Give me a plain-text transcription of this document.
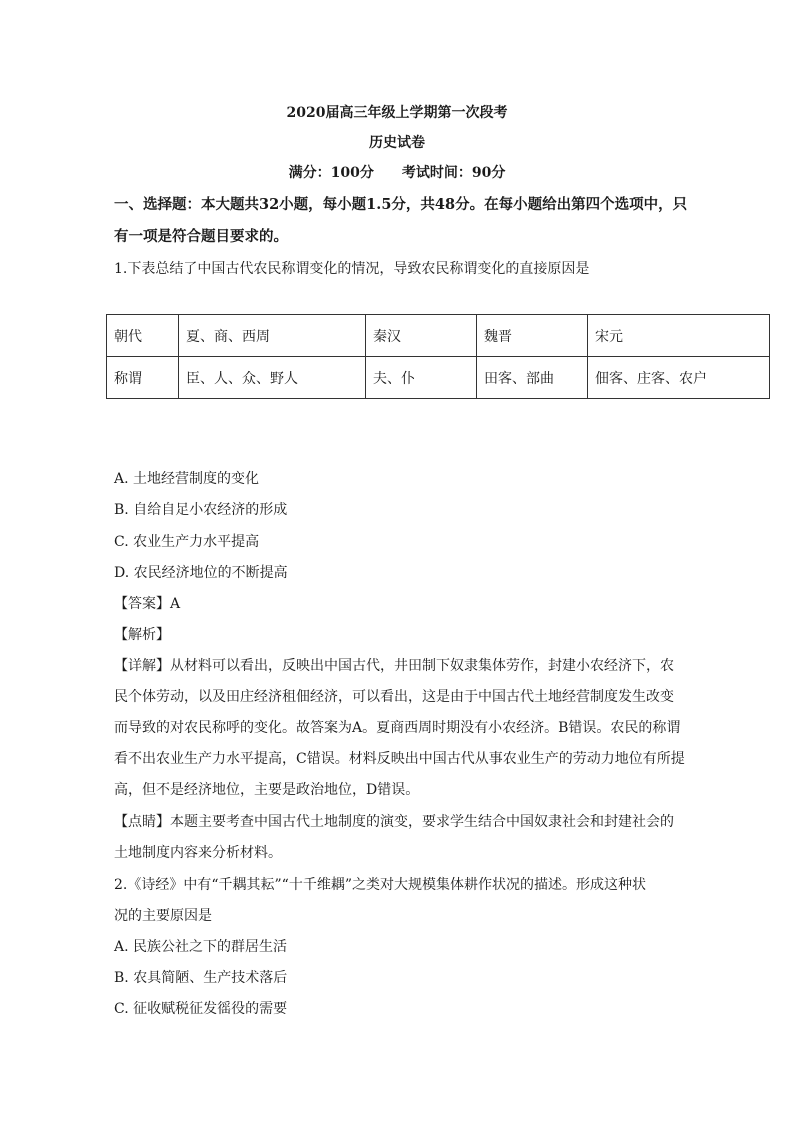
2020届高三年级上学期第一次段考
历史试卷
满分：100分 考试时间：90分
一、选择题：本大题共32小题，每小题1.5分，共48分。在每小题给出第四个选项中，只
有一项是符合题目要求的。
1.下表总结了中国古代农民称谓变化的情况，导致农民称谓变化的直接原因是
朝代	夏、商、西周	秦汉	魏晋	宋元
称谓	臣、人、众、野人	夫、仆	田客、部曲	佃客、庄客、农户
A. 土地经营制度的变化
B. 自给自足小农经济的形成
C. 农业生产力水平提高
D. 农民经济地位的不断提高
【答案】A
【解析】
【详解】从材料可以看出，反映出中国古代，井田制下奴隶集体劳作，封建小农经济下，农
民个体劳动，以及田庄经济租佃经济，可以看出，这是由于中国古代土地经营制度发生改变
而导致的对农民称呼的变化。故答案为A。夏商西周时期没有小农经济。B错误。农民的称谓
看不出农业生产力水平提高，C错误。材料反映出中国古代从事农业生产的劳动力地位有所提
高，但不是经济地位，主要是政治地位，D错误。
【点睛】本题主要考查中国古代土地制度的演变，要求学生结合中国奴隶社会和封建社会的
土地制度内容来分析材料。
2.《诗经》中有“千耦其耘”“十千维耦”之类对大规模集体耕作状况的描述。形成这种状
况的主要原因是
A. 民族公社之下的群居生活
B. 农具简陋、生产技术落后
C. 征收赋税征发徭役的需要
